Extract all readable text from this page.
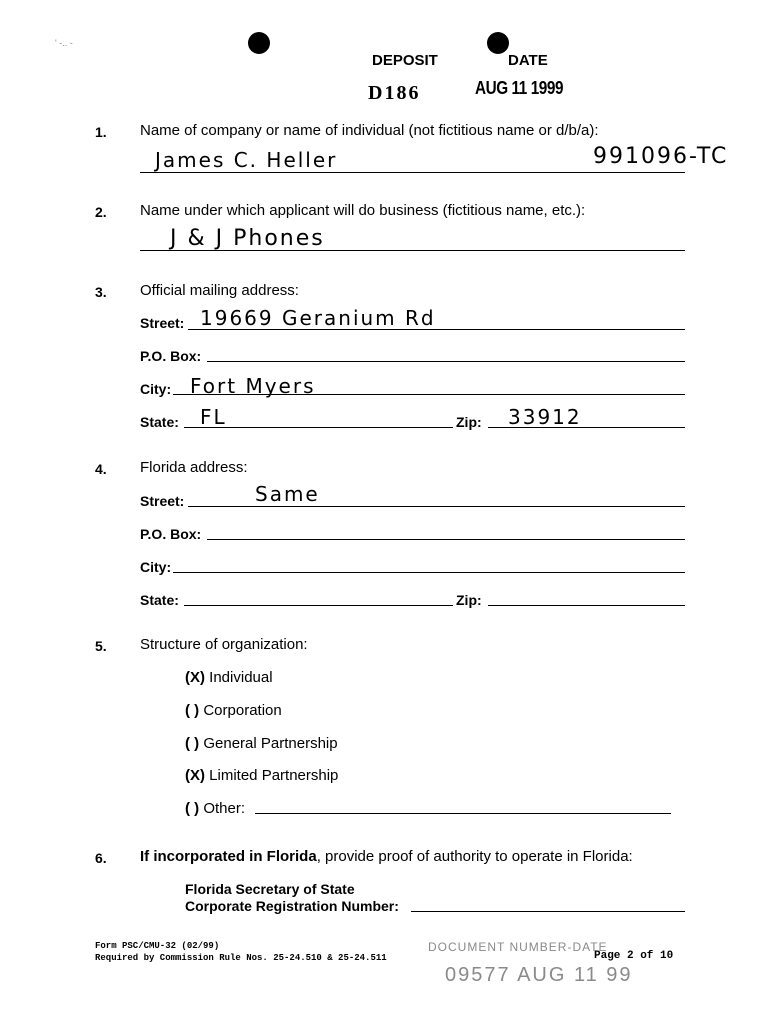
' -.. -
DEPOSIT	DATE
D186	AUG 11 1999
1. Name of company or name of individual (not fictitious name or d/b/a):
James C. Heller	991096-TC
2. Name under which applicant will do business (fictitious name, etc.):
J & J Phones
3. Official mailing address:
Street: 19669 Geranium Rd
P.O. Box:
City: Fort Myers
State: FL	Zip: 33912
4. Florida address:
Street:	Same
P.O. Box:
City:
State:	Zip:
5. Structure of organization:
(X) Individual
( ) Corporation
( ) General Partnership
(X) Limited Partnership
( ) Other:
6. If incorporated in Florida, provide proof of authority to operate in Florida:
Florida Secretary of State
Corporate Registration Number:
Form PSC/CMU-32 (02/99)
Required by Commission Rule Nos. 25-24.510 & 25-24.511
DOCUMENT NUMBER-DATE
Page 2 of 10
09577 AUG 11 99
